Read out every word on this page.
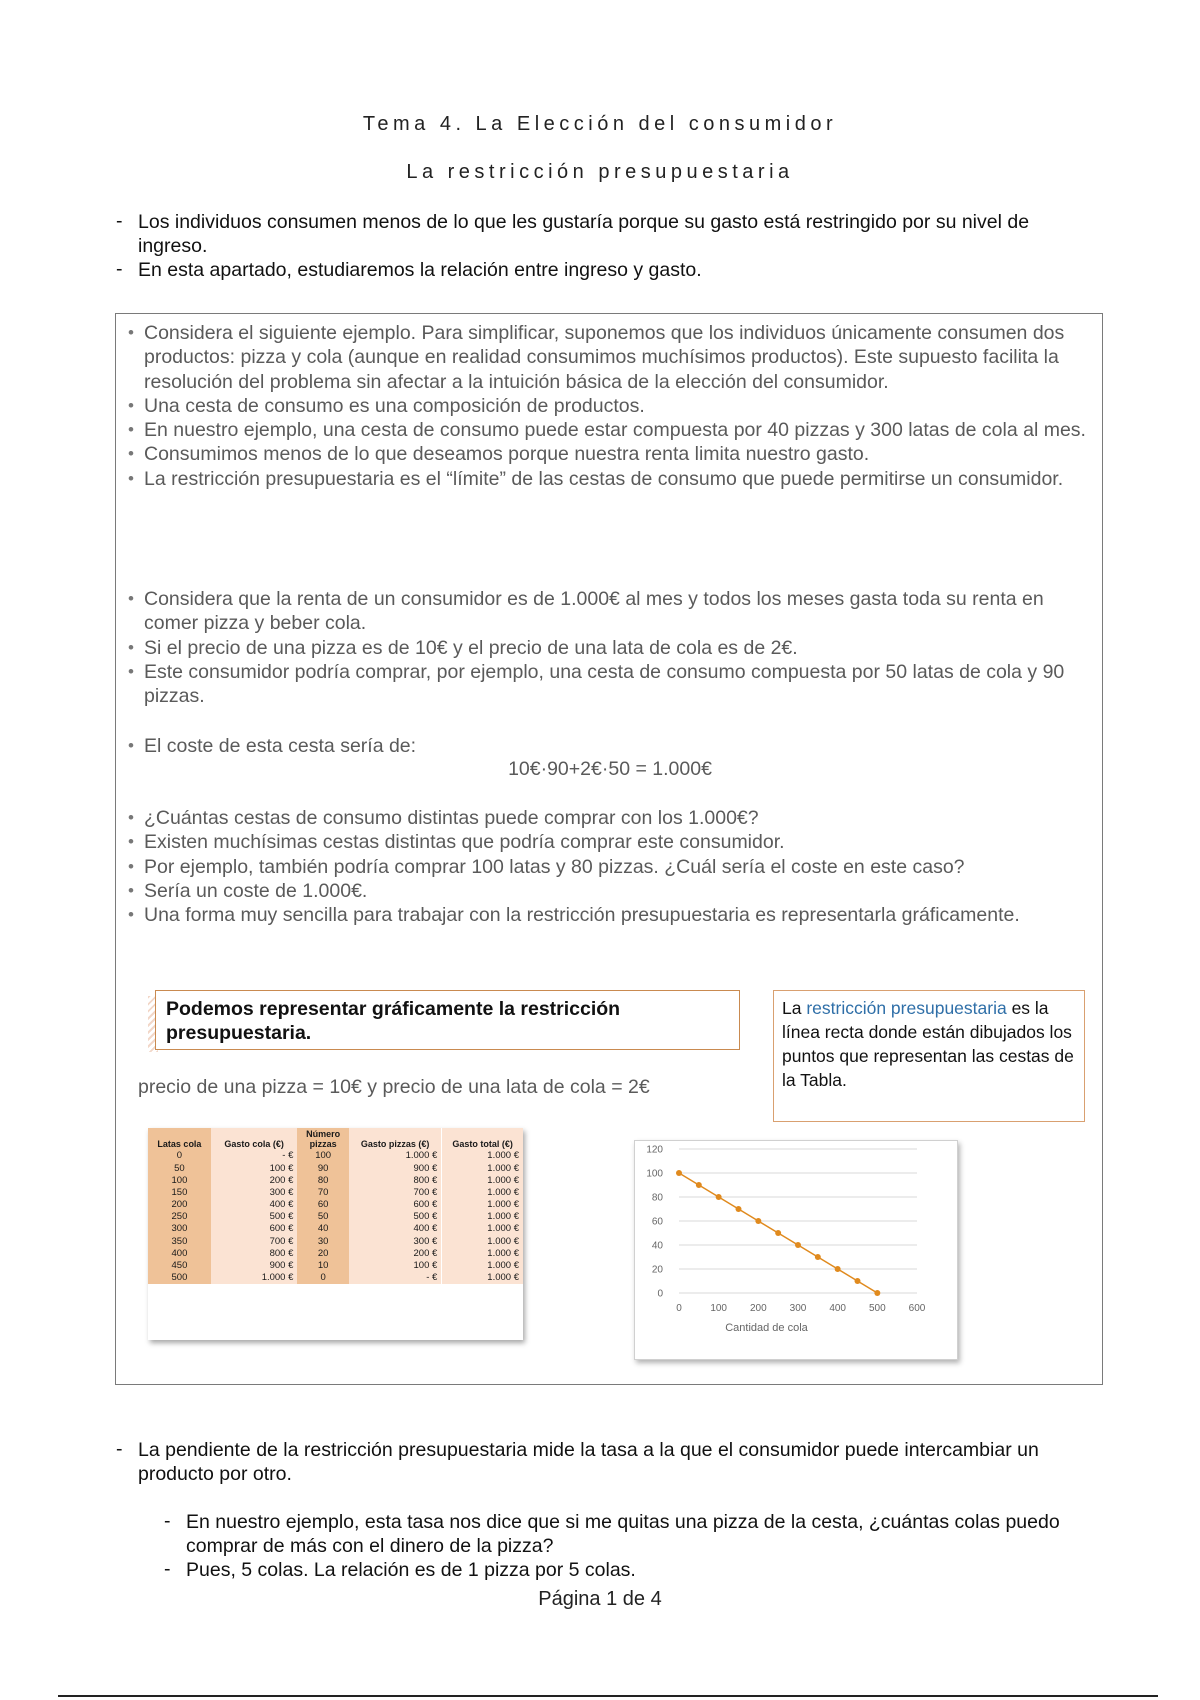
Tema 4. La Elección del consumidor
La restricción presupuestaria
- Los individuos consumen menos de lo que les gustaría porque su gasto está restringido por su nivel de ingreso.
- En esta apartado, estudiaremos la relación entre ingreso y gasto.
• Considera el siguiente ejemplo. Para simplificar, suponemos que los individuos únicamente consumen dos productos: pizza y cola (aunque en realidad consumimos muchísimos productos). Este supuesto facilita la resolución del problema sin afectar a la intuición básica de la elección del consumidor.
• Una cesta de consumo es una composición de productos.
• En nuestro ejemplo, una cesta de consumo puede estar compuesta por 40 pizzas y 300 latas de cola al mes.
• Consumimos menos de lo que deseamos porque nuestra renta limita nuestro gasto.
• La restricción presupuestaria es el “límite” de las cestas de consumo que puede permitirse un consumidor.
• Considera que la renta de un consumidor es de 1.000€ al mes y todos los meses gasta toda su renta en comer pizza y beber cola.
• Si el precio de una pizza es de 10€ y el precio de una lata de cola es de 2€.
• Este consumidor podría comprar, por ejemplo, una cesta de consumo compuesta por 50 latas de cola y 90 pizzas.
• El coste de esta cesta sería de:
10€·90+2€·50 = 1.000€
• ¿Cuántas cestas de consumo distintas puede comprar con los 1.000€?
• Existen muchísimas cestas distintas que podría comprar este consumidor.
• Por ejemplo, también podría comprar 100 latas y 80 pizzas. ¿Cuál sería el coste en este caso?
• Sería un coste de 1.000€.
• Una forma muy sencilla para trabajar con la restricción presupuestaria es representarla gráficamente.
Podemos representar gráficamente la restricción presupuestaria.
La restricción presupuestaria es la línea recta donde están dibujados los puntos que representan las cestas de la Tabla.
precio de una pizza = 10€ y precio de una lata de cola = 2€
Latas cola	Gasto cola (€)	Número pizzas	Gasto pizzas (€)	Gasto total (€)
0	- €	100	1.000 €	1.000 €
50	100 €	90	900 €	1.000 €
100	200 €	80	800 €	1.000 €
150	300 €	70	700 €	1.000 €
200	400 €	60	600 €	1.000 €
250	500 €	50	500 €	1.000 €
300	600 €	40	400 €	1.000 €
350	700 €	30	300 €	1.000 €
400	800 €	20	200 €	1.000 €
450	900 €	10	100 €	1.000 €
500	1.000 €	0	- €	1.000 €
0
20
40
60
80
100
120
0	100 200 300 400 500 600
Cantidad de cola
- La pendiente de la restricción presupuestaria mide la tasa a la que el consumidor puede intercambiar un producto por otro.
- En nuestro ejemplo, esta tasa nos dice que si me quitas una pizza de la cesta, ¿cuántas colas puedo comprar de más con el dinero de la pizza?
- Pues, 5 colas. La relación es de 1 pizza por 5 colas.
Página 1 de 4
